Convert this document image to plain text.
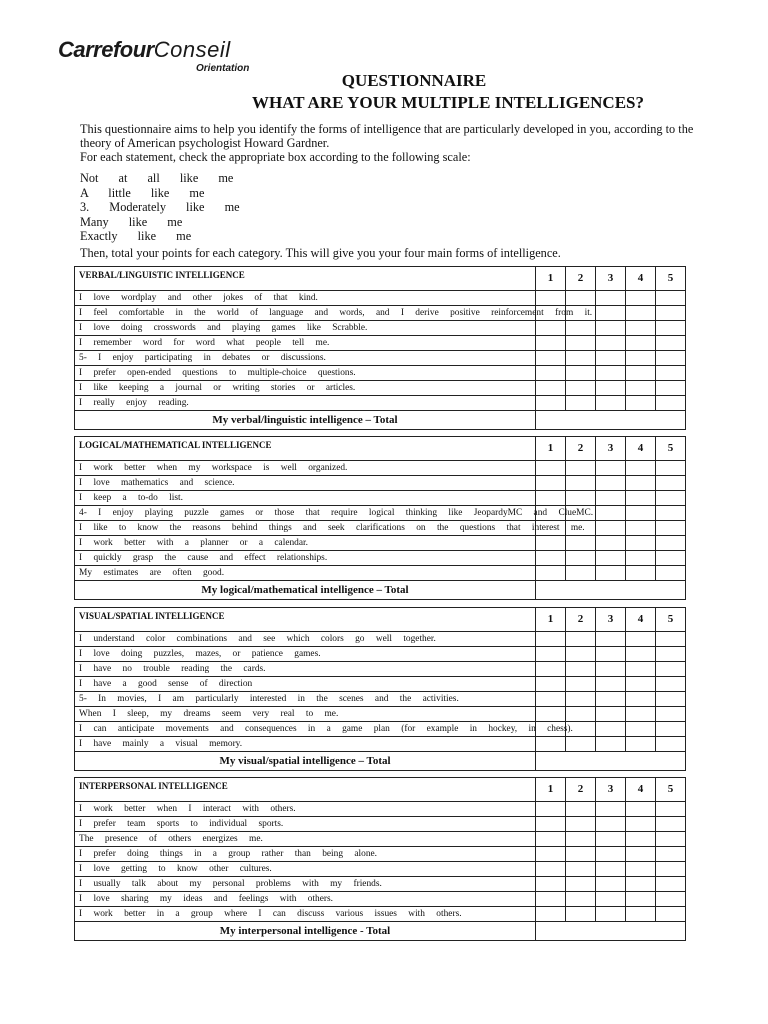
CarrefourConseil
Orientation
QUESTIONNAIRE
WHAT ARE YOUR MULTIPLE INTELLIGENCES?

This questionnaire aims to help you identify the forms of intelligence that are particularly developed in you, according to the theory of American psychologist Howard Gardner.

For each statement, check the appropriate box according to the following scale:

Not at all like me
A little like me
3. Moderately like me
Many like me
Exactly like me
Then, total your points for each category. This will give you your four main forms of intelligence.
VERBAL/LINGUISTIC INTELLIGENCE	1	2	3	4	5
I love wordplay and other jokes of that kind.					
I feel comfortable in the world of language and words, and I derive positive reinforcement from it.					
I love doing crosswords and playing games like Scrabble.					
I remember word for word what people tell me.					
5- I enjoy participating in debates or discussions.					
I prefer open-ended questions to multiple-choice questions.					
I like keeping a journal or writing stories or articles.					
I really enjoy reading.					
My verbal/linguistic intelligence – Total					
LOGICAL/MATHEMATICAL INTELLIGENCE	1	2	3	4	5
I work better when my workspace is well organized.					
I love mathematics and science.					
I keep a to-do list.					
4- I enjoy playing puzzle games or those that require logical thinking like JeopardyMC and ClueMC.					
I like to know the reasons behind things and seek clarifications on the questions that interest me.					
I work better with a planner or a calendar.					
I quickly grasp the cause and effect relationships.					
My estimates are often good.					
My logical/mathematical intelligence – Total					
VISUAL/SPATIAL INTELLIGENCE	1	2	3	4	5
I understand color combinations and see which colors go well together.					
I love doing puzzles, mazes, or patience games.					
I have no trouble reading the cards.					
I have a good sense of direction					
5- In movies, I am particularly interested in the scenes and the activities.					
When I sleep, my dreams seem very real to me.					
I can anticipate movements and consequences in a game plan (for example in hockey, in chess).					
I have mainly a visual memory.					
My visual/spatial intelligence – Total					
INTERPERSONAL INTELLIGENCE	1	2	3	4	5
I work better when I interact with others.					
I prefer team sports to individual sports.					
The presence of others energizes me.					
I prefer doing things in a group rather than being alone.					
I love getting to know other cultures.					
I usually talk about my personal problems with my friends.					
I love sharing my ideas and feelings with others.					
I work better in a group where I can discuss various issues with others.					
My interpersonal intelligence - Total					
